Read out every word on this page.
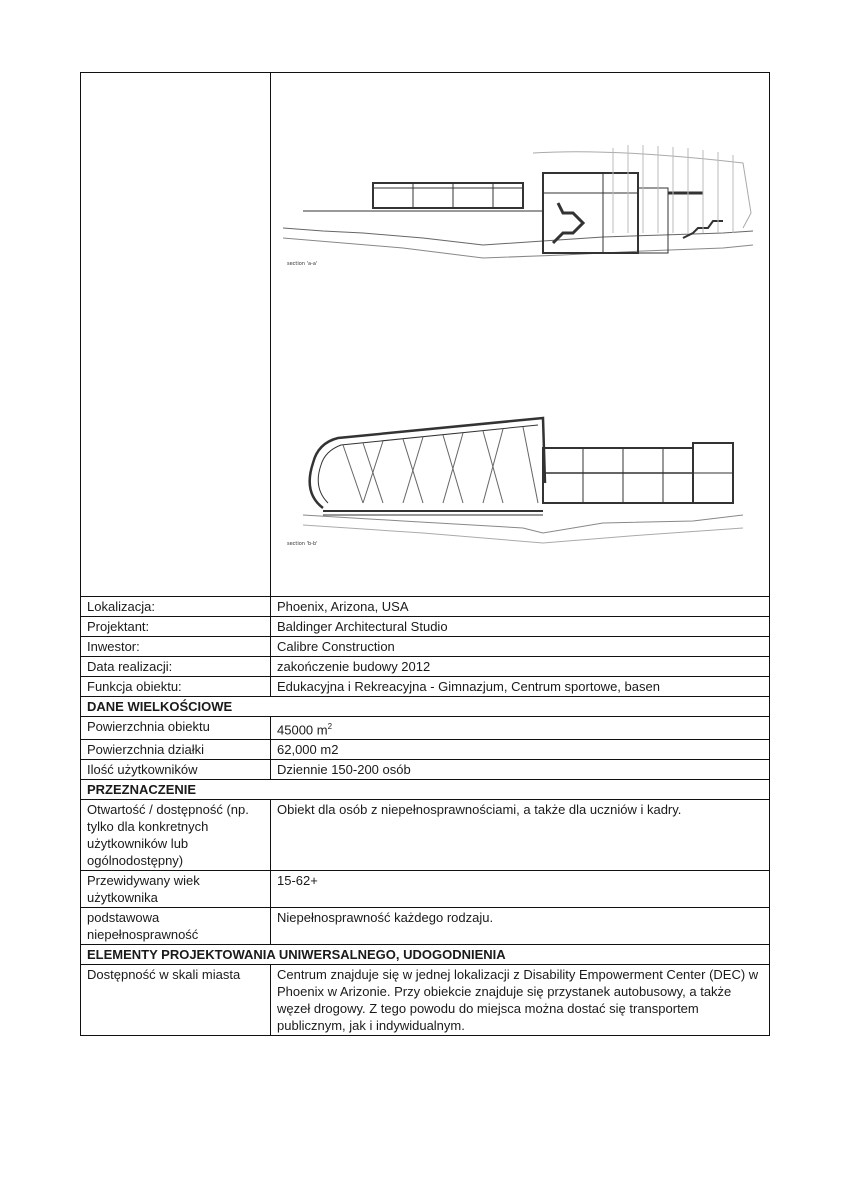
section 'a-a'
section 'b-b'

Lokalizacja:	Phoenix, Arizona, USA
Projektant:	Baldinger Architectural Studio
Inwestor:	Calibre Construction
Data realizacji:	zakończenie budowy 2012
Funkcja obiektu:	Edukacyjna i Rekreacyjna - Gimnazjum, Centrum sportowe, basen
DANE WIELKOŚCIOWE	
Powierzchnia obiektu	45000 $m^2$
Powierzchnia działki	62,000 m2
Ilość użytkowników	Dziennie 150-200 osób
PRZEZNACZENIE	
Otwartość / dostępność (np. tylko dla konkretnych użytkowników lub ogólnodostępny)	Obiekt dla osób z niepełnosprawnościami, a także dla uczniów i kadry.
Przewidywany wiek użytkownika	15-62+
podstawowa niepełnosprawność	Niepełnosprawność każdego rodzaju.
ELEMENTY PROJEKTOWANIA UNIWERSALNEGO, UDOGODNIENIA	
Dostępność w skali miasta	Centrum znajduje się w jednej lokalizacji z Disability Empowerment Center (DEC) w Phoenix w Arizonie. Przy obiekcie znajduje się przystanek autobusowy, a także węzeł drogowy. Z tego powodu do miejsca można dostać się transportem publicznym, jak i indywidualnym.
